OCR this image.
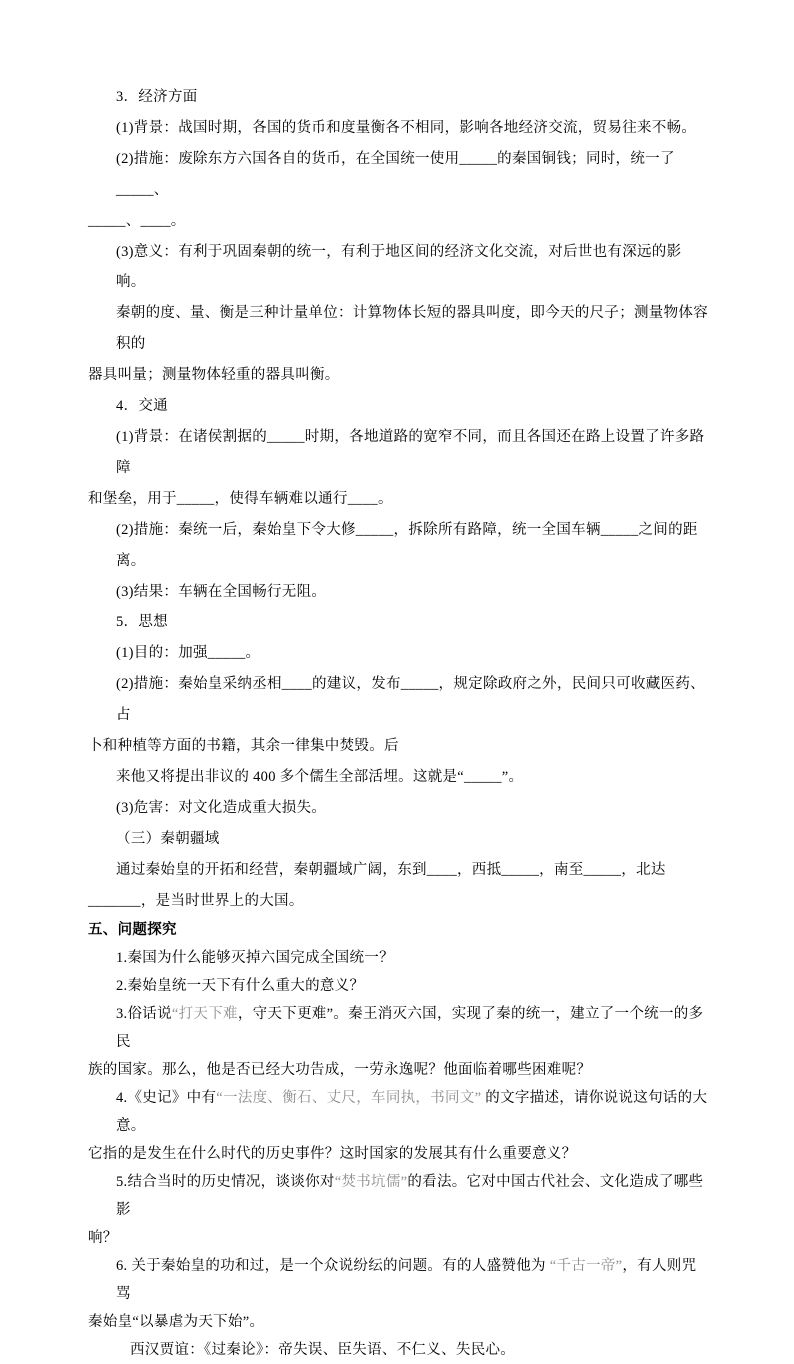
3．经济方面
(1)背景：战国时期，各国的货币和度量衡各不相同，影响各地经济交流，贸易往来不畅。
(2)措施：废除东方六国各自的货币，在全国统一使用_____的秦国铜钱；同时，统一了_____、
_____、____。
(3)意义：有利于巩固秦朝的统一，有利于地区间的经济文化交流，对后世也有深远的影响。
秦朝的度、量、衡是三种计量单位：计算物体长短的器具叫度，即今天的尺子；测量物体容积的
器具叫量；测量物体轻重的器具叫衡。
4．交通
(1)背景：在诸侯割据的_____时期，各地道路的宽窄不同，而且各国还在路上设置了许多路障
和堡垒，用于_____，使得车辆难以通行____。
(2)措施：秦统一后，秦始皇下令大修_____，拆除所有路障，统一全国车辆_____之间的距离。
(3)结果：车辆在全国畅行无阻。
5．思想
(1)目的：加强_____。
(2)措施：秦始皇采纳丞相____的建议，发布_____，规定除政府之外，民间只可收藏医药、占
卜和种植等方面的书籍，其余一律集中焚毁。后
来他又将提出非议的 400 多个儒生全部活埋。这就是“_____”。
(3)危害：对文化造成重大损失。
（三）秦朝疆域
通过秦始皇的开拓和经营，秦朝疆域广阔，东到____，西抵_____，南至_____，北达
_______，是当时世界上的大国。
五、问题探究
1.秦国为什么能够灭掉六国完成全国统一？
2.秦始皇统一天下有什么重大的意义？
3.俗话说“打天下难，守天下更难”。秦王消灭六国，实现了秦的统一，建立了一个统一的多民
族的国家。那么，他是否已经大功告成，一劳永逸呢？他面临着哪些困难呢？
4.《史记》中有“一法度、衡石、丈尺，车同执，书同文” 的文字描述，请你说说这句话的大意。
它指的是发生在什么时代的历史事件？这时国家的发展其有什么重要意义？
5.结合当时的历史情况，谈谈你对“焚书坑儒”的看法。它对中国古代社会、文化造成了哪些影
响？
6. 关于秦始皇的功和过，是一个众说纷纭的问题。有的人盛赞他为 “千古一帝”，有人则咒骂
秦始皇“以暴虐为天下始”。
西汉贾谊：《过秦论》：帝失误、臣失语、不仁义、失民心。
